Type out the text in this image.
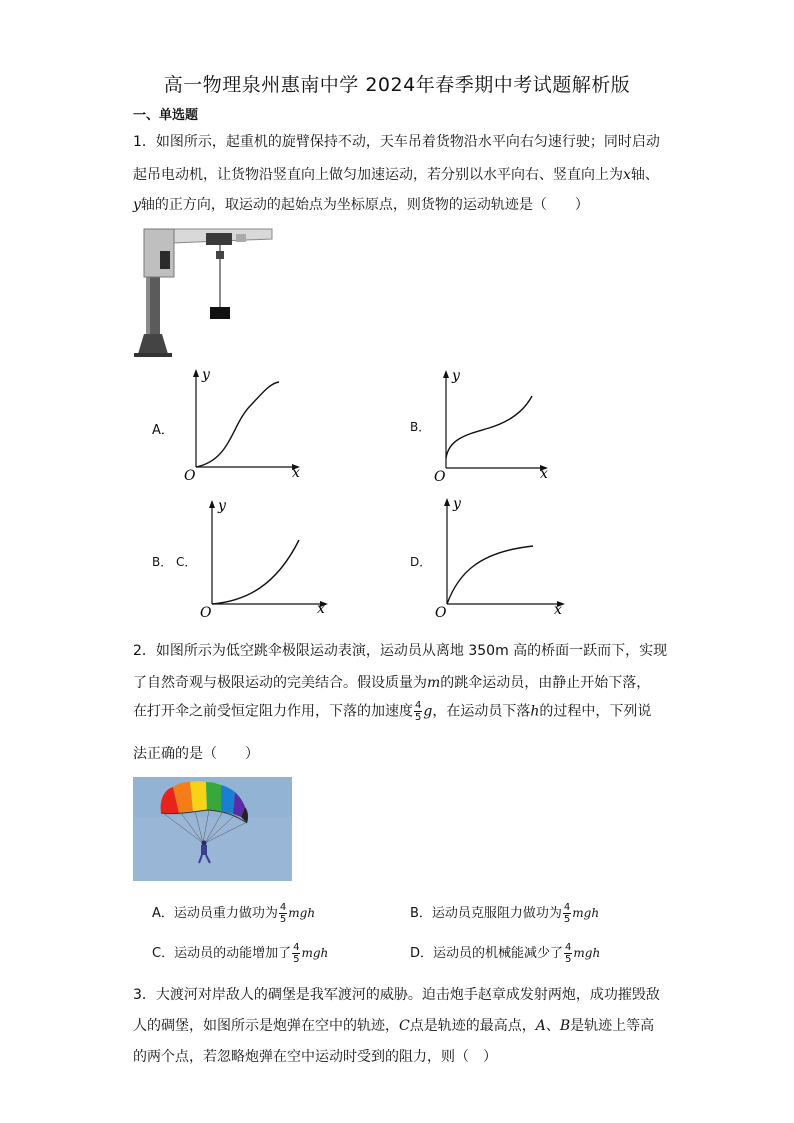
高一物理泉州惠南中学 2024年春季期中考试题解析版
一、单选题
1．如图所示，起重机的旋臂保持不动，天车吊着货物沿水平向右匀速行驶；同时启动
起吊电动机，让货物沿竖直向上做匀加速运动，若分别以水平向右、竖直向上为x轴、
y轴的正方向，取运动的起始点为坐标原点，则货物的运动轨迹是（　　）
O	x
y
O	x
y
O	x
y
O	x
y
A．	B．
B． C．	D．
2．如图所示为低空跳伞极限运动表演，运动员从离地 350m 高的桥面一跃而下，实现
了自然奇观与极限运动的完美结合。假设质量为m的跳伞运动员，由静止开始下落，
在打开伞之前受恒定阻力作用，下落的加速度 $\frac{4}{5}$ g，在运动员下落h的过程中，下列说
法正确的是（　　）
A．运动员重力做功为 $\frac{4}{5}$ mgh	B．运动员克服阻力做功为 $\frac{4}{5}$ mgh
C．运动员的动能增加了 $\frac{4}{5}$ mgh	D．运动员的机械能减少了 $\frac{4}{5}$ mgh
3．大渡河对岸敌人的碉堡是我军渡河的威胁。迫击炮手赵章成发射两炮，成功摧毁敌
人的碉堡，如图所示是炮弹在空中的轨迹，C点是轨迹的最高点，A、B是轨迹上等高
的两个点，若忽略炮弹在空中运动时受到的阻力，则（　）
